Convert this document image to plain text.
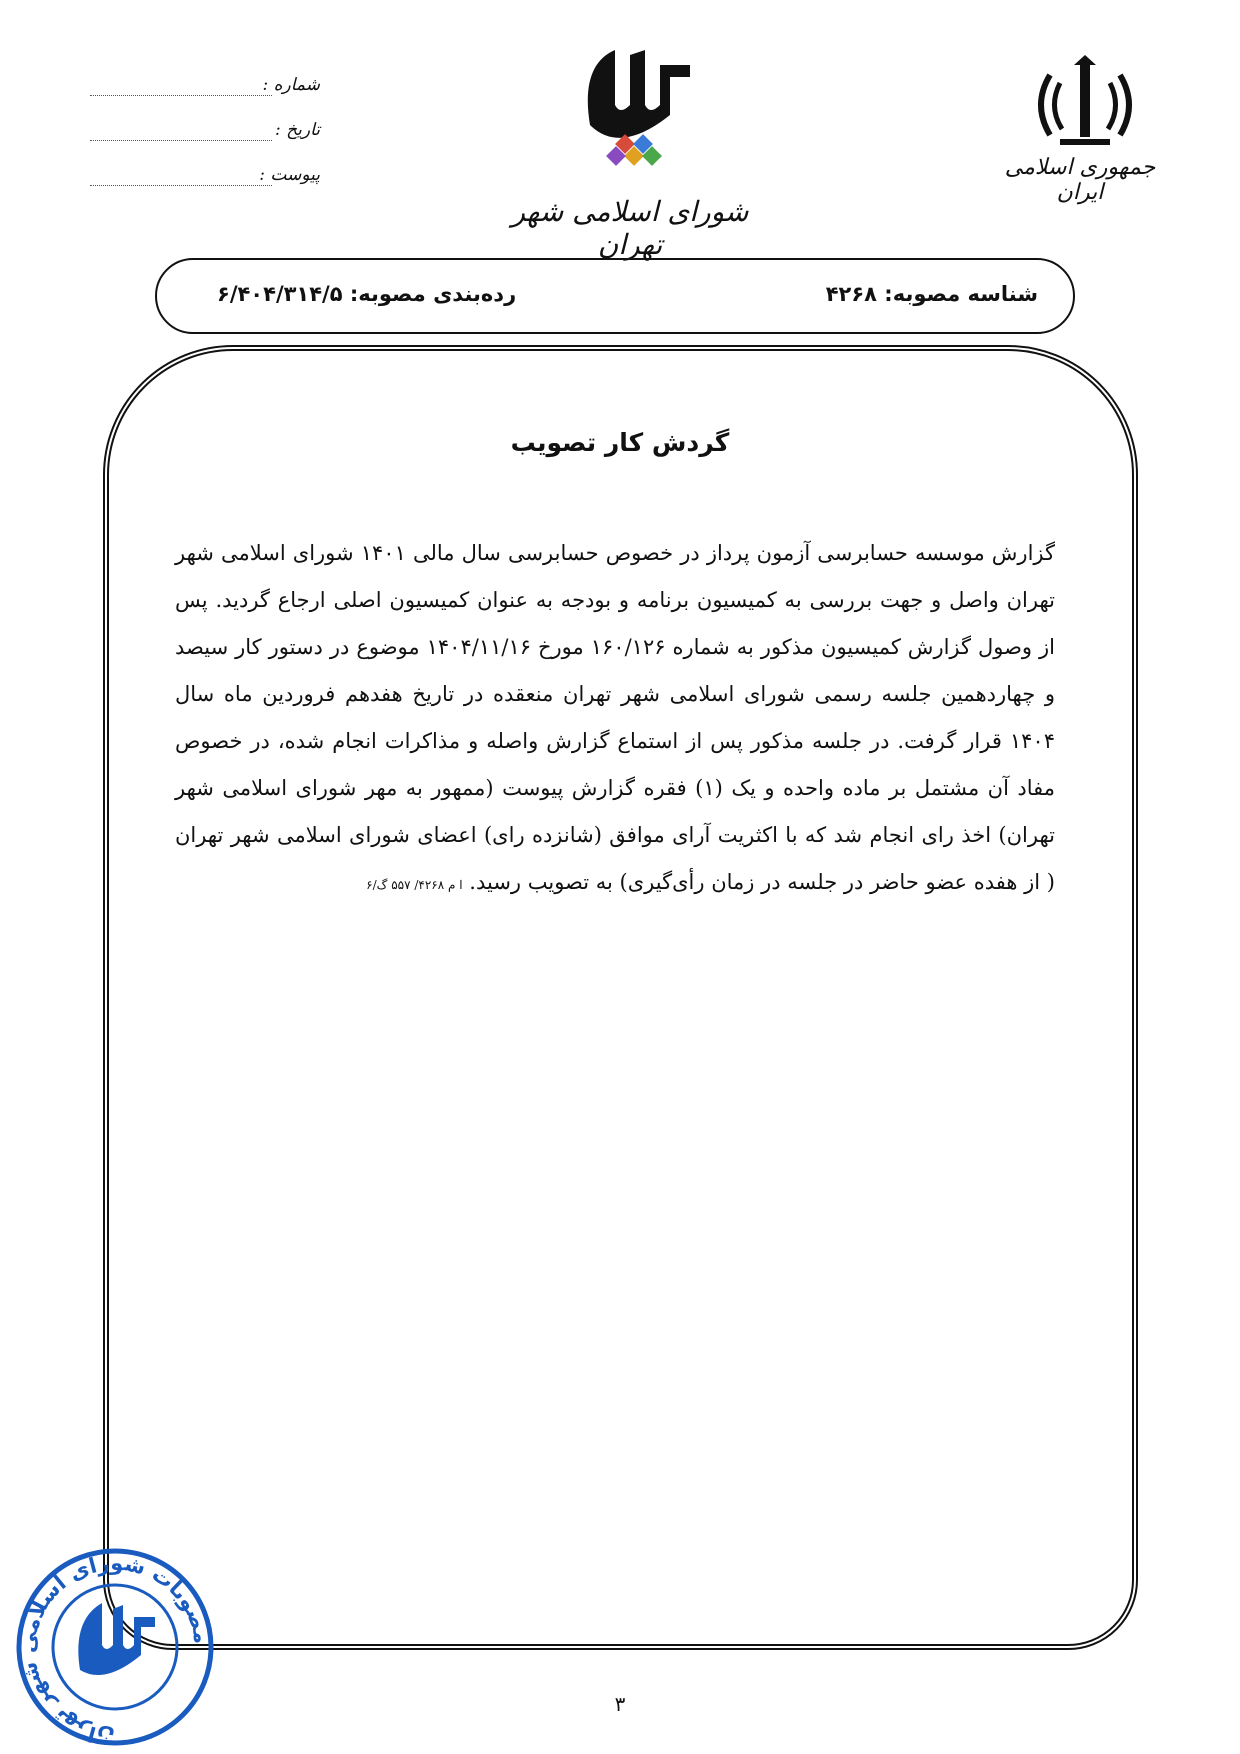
جمهوری اسلامی ایران
شورای اسلامی شهر تهران
شماره :
تاریخ :
پیوست :
شناسه مصوبه: ۴۲۶۸
رده‌بندی مصوبه: ۶/۴۰۴/۳۱۴/۵
گردش کار تصویب
گزارش موسسه حسابرسی آزمون پرداز در خصوص حسابرسی سال مالی ۱۴۰۱ شورای اسلامی شهر تهران واصل و جهت بررسی به کمیسیون برنامه و بودجه به عنوان کمیسیون اصلی ارجاع گردید. پس از وصول گزارش کمیسیون مذکور به شماره ۱۶۰/۱۲۶ مورخ ۱۴۰۴/۱۱/۱۶ موضوع در دستور کار سیصد و چهاردهمین جلسه رسمی شورای اسلامی شهر تهران منعقده در تاریخ هفدهم فروردین ماه سال ۱۴۰۴ قرار گرفت. در جلسه مذکور پس از استماع گزارش واصله و مذاکرات انجام شده، در خصوص مفاد آن مشتمل بر ماده واحده و یک (۱) فقره گزارش پیوست (ممهور به مهر شورای اسلامی شهر تهران) اخذ رای انجام شد که با اکثریت آرای موافق (شانزده رای) اعضای شورای اسلامی شهر تهران ( از هفده عضو حاضر در جلسه در زمان رأی‌گیری) به تصویب رسید. ا م ۴۲۶۸/ ۵۵۷ گ/۶
مصوبات شورای اسلامی شهر تهران
۳
